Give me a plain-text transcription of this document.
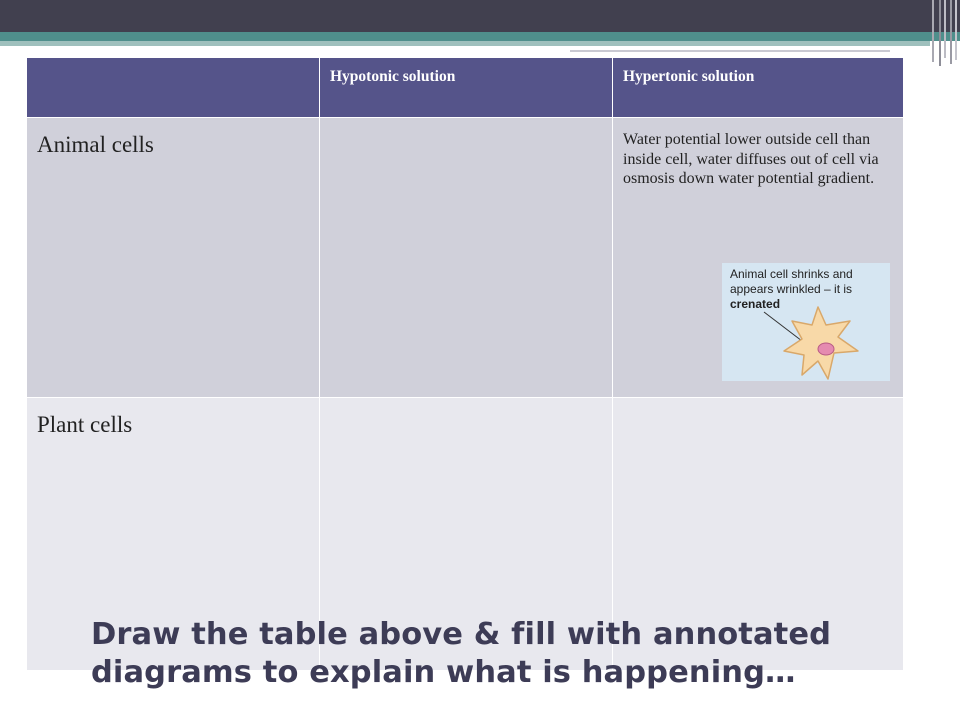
	Hypotonic solution	Hypertonic solution
Animal cells		Water potential lower outside cell than inside cell, water diffuses out of cell via osmosis down water potential gradient.
Plant cells		
Animal cell shrinks and
appears wrinkled – it is
crenated
Draw the table above & fill with annotated
diagrams to explain what is happening…
